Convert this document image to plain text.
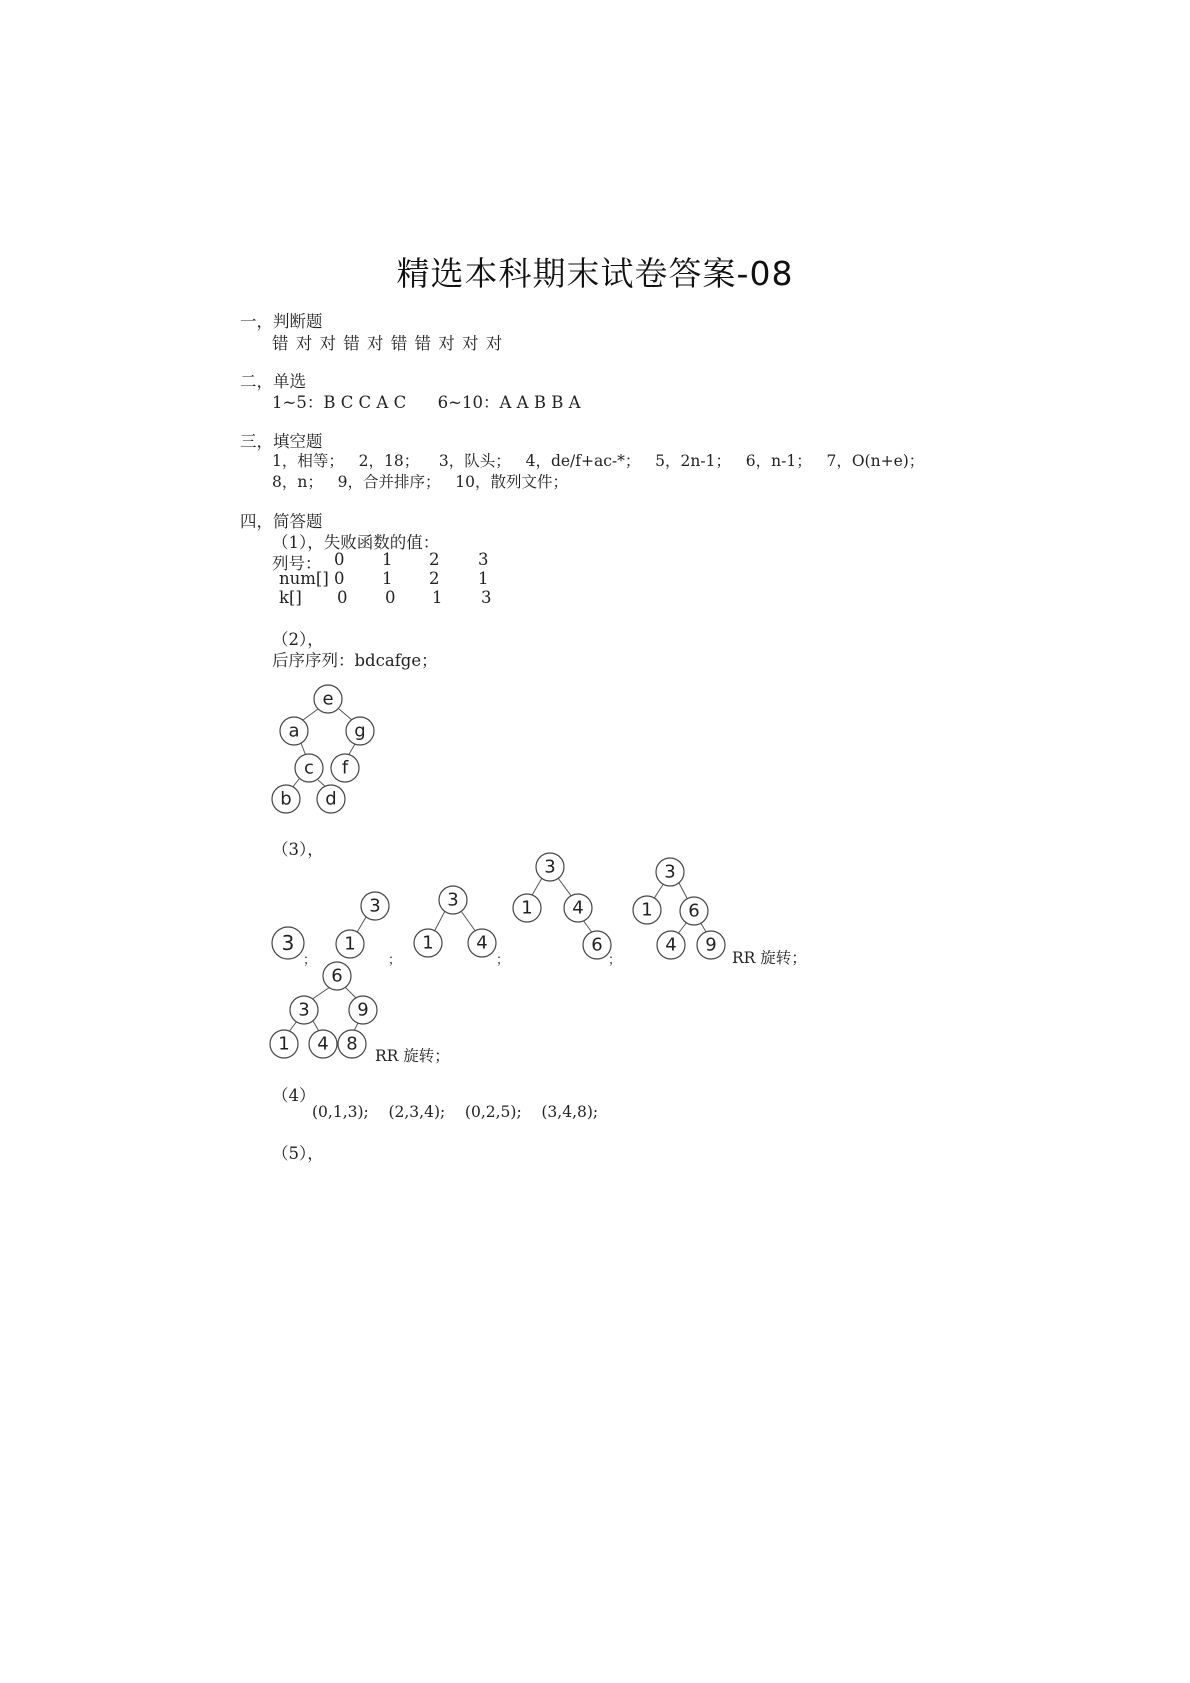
精选本科期末试卷答案-08
一，判断题
错 对 对 错 对 错 错 对 对 对
二，单选
1~5：B C C A C      6~10：A A B B A
三，填空题
1，相等；   2，18；    3，队头；   4，de/f+ac-*；   5，2n-1；   6，n-1；   7，O(n+e)；
8，n；   9，合并排序；   10，散列文件；
四，简答题
（1），失败函数的值：
列号： 0 1 2 3
num[] 0 1 2 1
k[] 0 0 1 3
（2），
后序序列：bdcafge；
（3），
；	；	；	；	RR 旋转；
RR 旋转；
（4）
(0,1,3);    (2,3,4);    (0,2,5);    (3,4,8);
（5），
e
a	g
c f
b d
3
3
1
3
1 4
3
1 4
6
3
1 6
4 9
6
3	9
1 4 8
